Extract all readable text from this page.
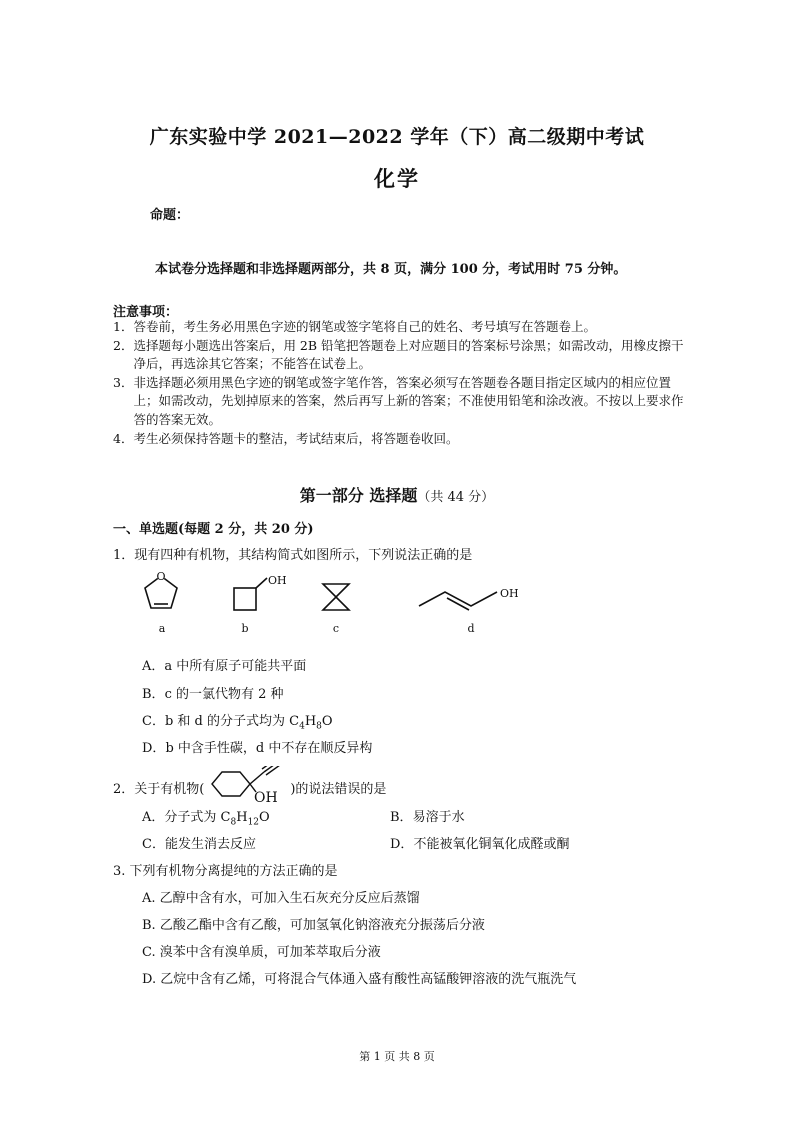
广东实验中学 2021—2022 学年（下）高二级期中考试
化学
命题：
本试卷分选择题和非选择题两部分，共 8 页，满分 100 分，考试用时 75 分钟。
注意事项：
1． 答卷前，考生务必用黑色字迹的钢笔或签字笔将自己的姓名、考号填写在答题卷上。
2． 选择题每小题选出答案后，用 2B 铅笔把答题卷上对应题目的答案标号涂黑；如需改动，用橡皮擦干净后，再选涂其它答案；不能答在试卷上。
3． 非选择题必须用黑色字迹的钢笔或签字笔作答，答案必须写在答题卷各题目指定区域内的相应位置上；如需改动，先划掉原来的答案，然后再写上新的答案；不准使用铅笔和涂改液。不按以上要求作答的答案无效。
4． 考生必须保持答题卡的整洁，考试结束后，将答题卷收回。
第一部分 选择题（共 44 分）
一、单选题(每题 2 分，共 20 分)
1．现有四种有机物，其结构简式如图所示，下列说法正确的是
O
a
OH
b	c
OH
d
A．a 中所有原子可能共平面
B．c 的一氯代物有 2 种
C．b 和 d 的分子式均为 $C_4H_8O$
D．b 中含手性碳，d 中不存在顺反异构
2．关于有机物(
OH
)的说法错误的是
A．分子式为 $C_8H_{12}O$	B．易溶于水
C．能发生消去反应	D．不能被氧化铜氧化成醛或酮
3. 下列有机物分离提纯的方法正确的是
A. 乙醇中含有水，可加入生石灰充分反应后蒸馏
B. 乙酸乙酯中含有乙酸，可加氢氧化钠溶液充分振荡后分液
C. 溴苯中含有溴单质，可加苯萃取后分液
D. 乙烷中含有乙烯，可将混合气体通入盛有酸性高锰酸钾溶液的洗气瓶洗气
第 1 页 共 8 页
